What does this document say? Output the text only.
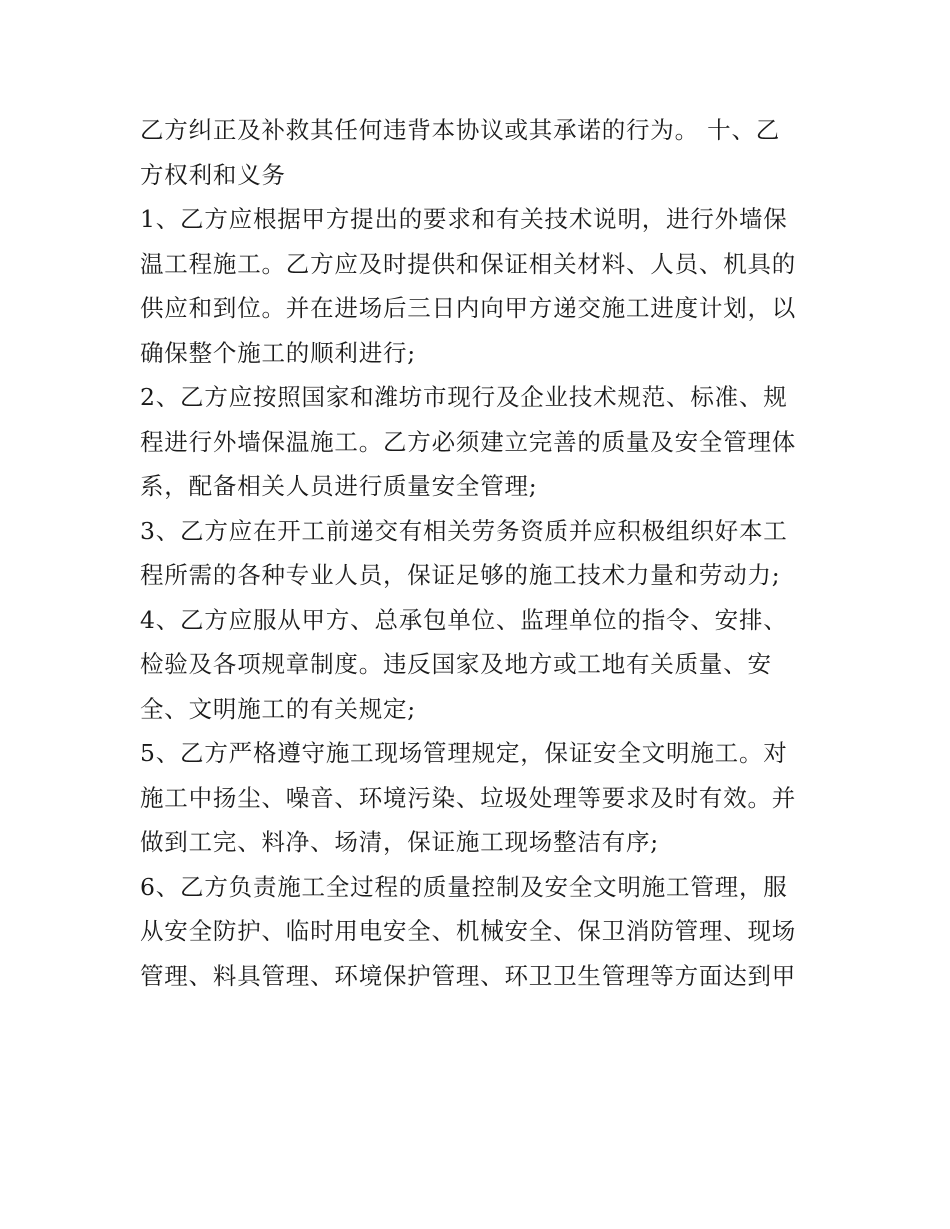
乙方纠正及补救其任何违背本协议或其承诺的行为。 十、乙
方权利和义务
1、乙方应根据甲方提出的要求和有关技术说明，进行外墙保
温工程施工。乙方应及时提供和保证相关材料、人员、机具的
供应和到位。并在进场后三日内向甲方递交施工进度计划，以
确保整个施工的顺利进行;
2、乙方应按照国家和潍坊市现行及企业技术规范、标准、规
程进行外墙保温施工。乙方必须建立完善的质量及安全管理体
系，配备相关人员进行质量安全管理;
3、乙方应在开工前递交有相关劳务资质并应积极组织好本工
程所需的各种专业人员，保证足够的施工技术力量和劳动力;
4、乙方应服从甲方、总承包单位、监理单位的指令、安排、
检验及各项规章制度。违反国家及地方或工地有关质量、安
全、文明施工的有关规定;
5、乙方严格遵守施工现场管理规定，保证安全文明施工。对
施工中扬尘、噪音、环境污染、垃圾处理等要求及时有效。并
做到工完、料净、场清，保证施工现场整洁有序;
6、乙方负责施工全过程的质量控制及安全文明施工管理，服
从安全防护、临时用电安全、机械安全、保卫消防管理、现场
管理、料具管理、环境保护管理、环卫卫生管理等方面达到甲
